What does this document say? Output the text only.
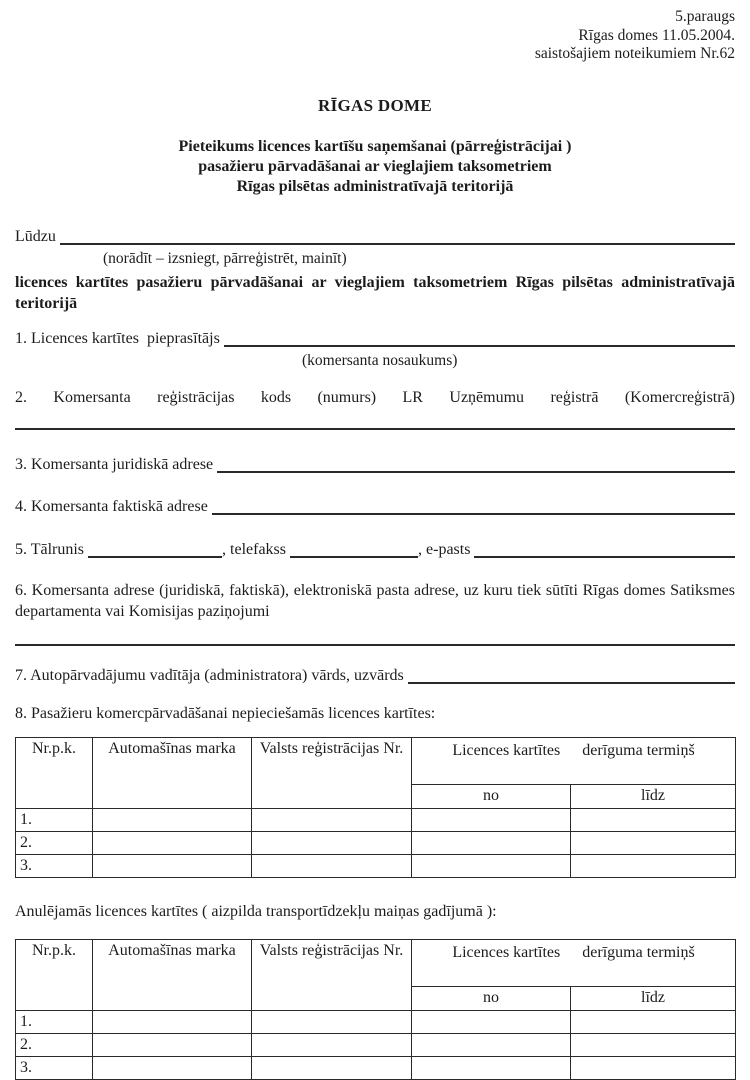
5.paraugs
Rīgas domes 11.05.2004.
saistošajiem noteikumiem Nr.62
RĪGAS DOME
Pieteikums licences kartīšu saņemšanai (pārreģistrācijai )
pasažieru pārvadāšanai ar vieglajiem taksometriem
Rīgas pilsētas administratīvajā teritorijā
Lūdzu
(norādīt – izsniegt, pārreģistrēt, mainīt)
licences kartītes pasažieru pārvadāšanai ar vieglajiem taksometriem Rīgas pilsētas administratīvajā teritorijā
1. Licences kartītes  pieprasītājs
(komersanta nosaukums)
2. Komersanta reģistrācijas kods (numurs) LR Uzņēmumu reģistrā (Komercreģistrā)
3. Komersanta juridiskā adrese
4. Komersanta faktiskā adrese
5. Tālrunis	, telefakss	, e-pasts
6. Komersanta adrese (juridiskā, faktiskā), elektroniskā pasta adrese, uz kuru tiek sūtīti Rīgas domes Satiksmes departamenta vai Komisijas paziņojumi
7. Autopārvadājumu vadītāja (administratora) vārds, uzvārds
8. Pasažieru komercpārvadāšanai nepieciešamās licences kartītes:
Nr.p.k.	Automašīnas marka	Valsts reģistrācijas Nr.	Licences kartītes derīguma termiņš	

			no	līdz
1.				
2.				
3.				
Anulējamās licences kartītes ( aizpilda transportīdzekļu maiņas gadījumā ):
Nr.p.k.	Automašīnas marka	Valsts reģistrācijas Nr.	Licences kartītes derīguma termiņš	

			no	līdz
1.				
2.				
3.				
